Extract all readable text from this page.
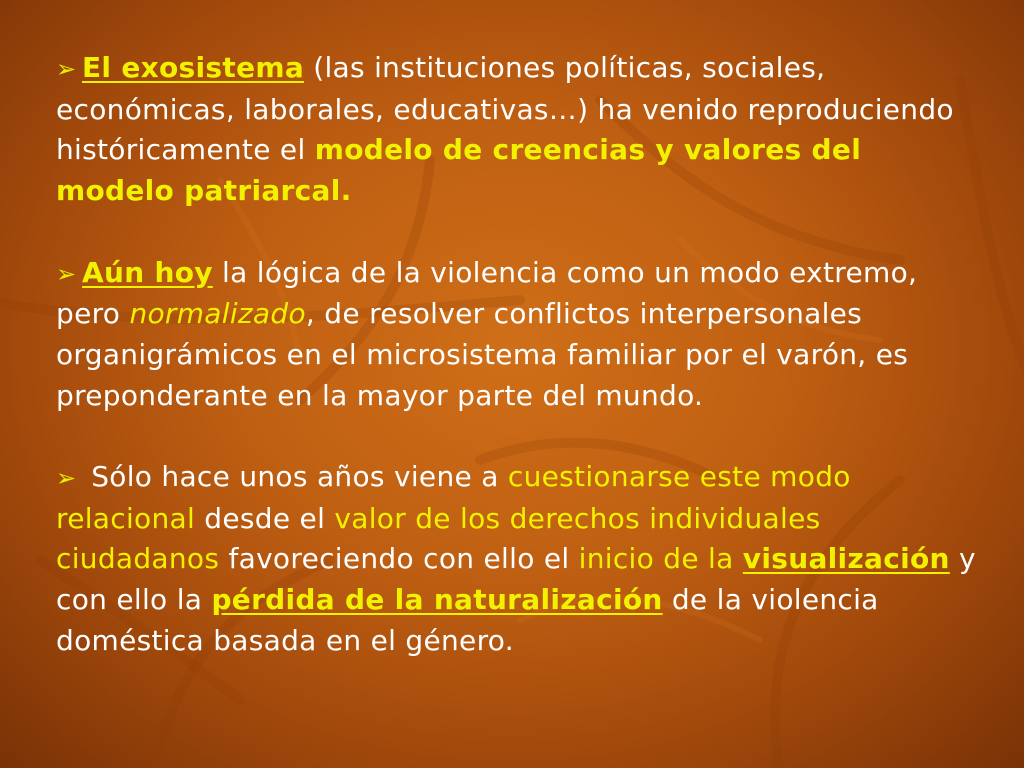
➢ El exosistema (las instituciones políticas, sociales, económicas, laborales, educativas…) ha venido reproduciendo históricamente el modelo de creencias y valores del modelo patriarcal.
➢ Aún hoy la lógica de la violencia como un modo extremo, pero normalizado, de resolver conflictos interpersonales organigrámicos en el microsistema familiar por el varón, es preponderante en la mayor parte del mundo.
➢ Sólo hace unos años viene a cuestionarse este modo relacional desde el valor de los derechos individuales ciudadanos favoreciendo con ello el inicio de la visualización y con ello la pérdida de la naturalización de la violencia doméstica basada en el género.
